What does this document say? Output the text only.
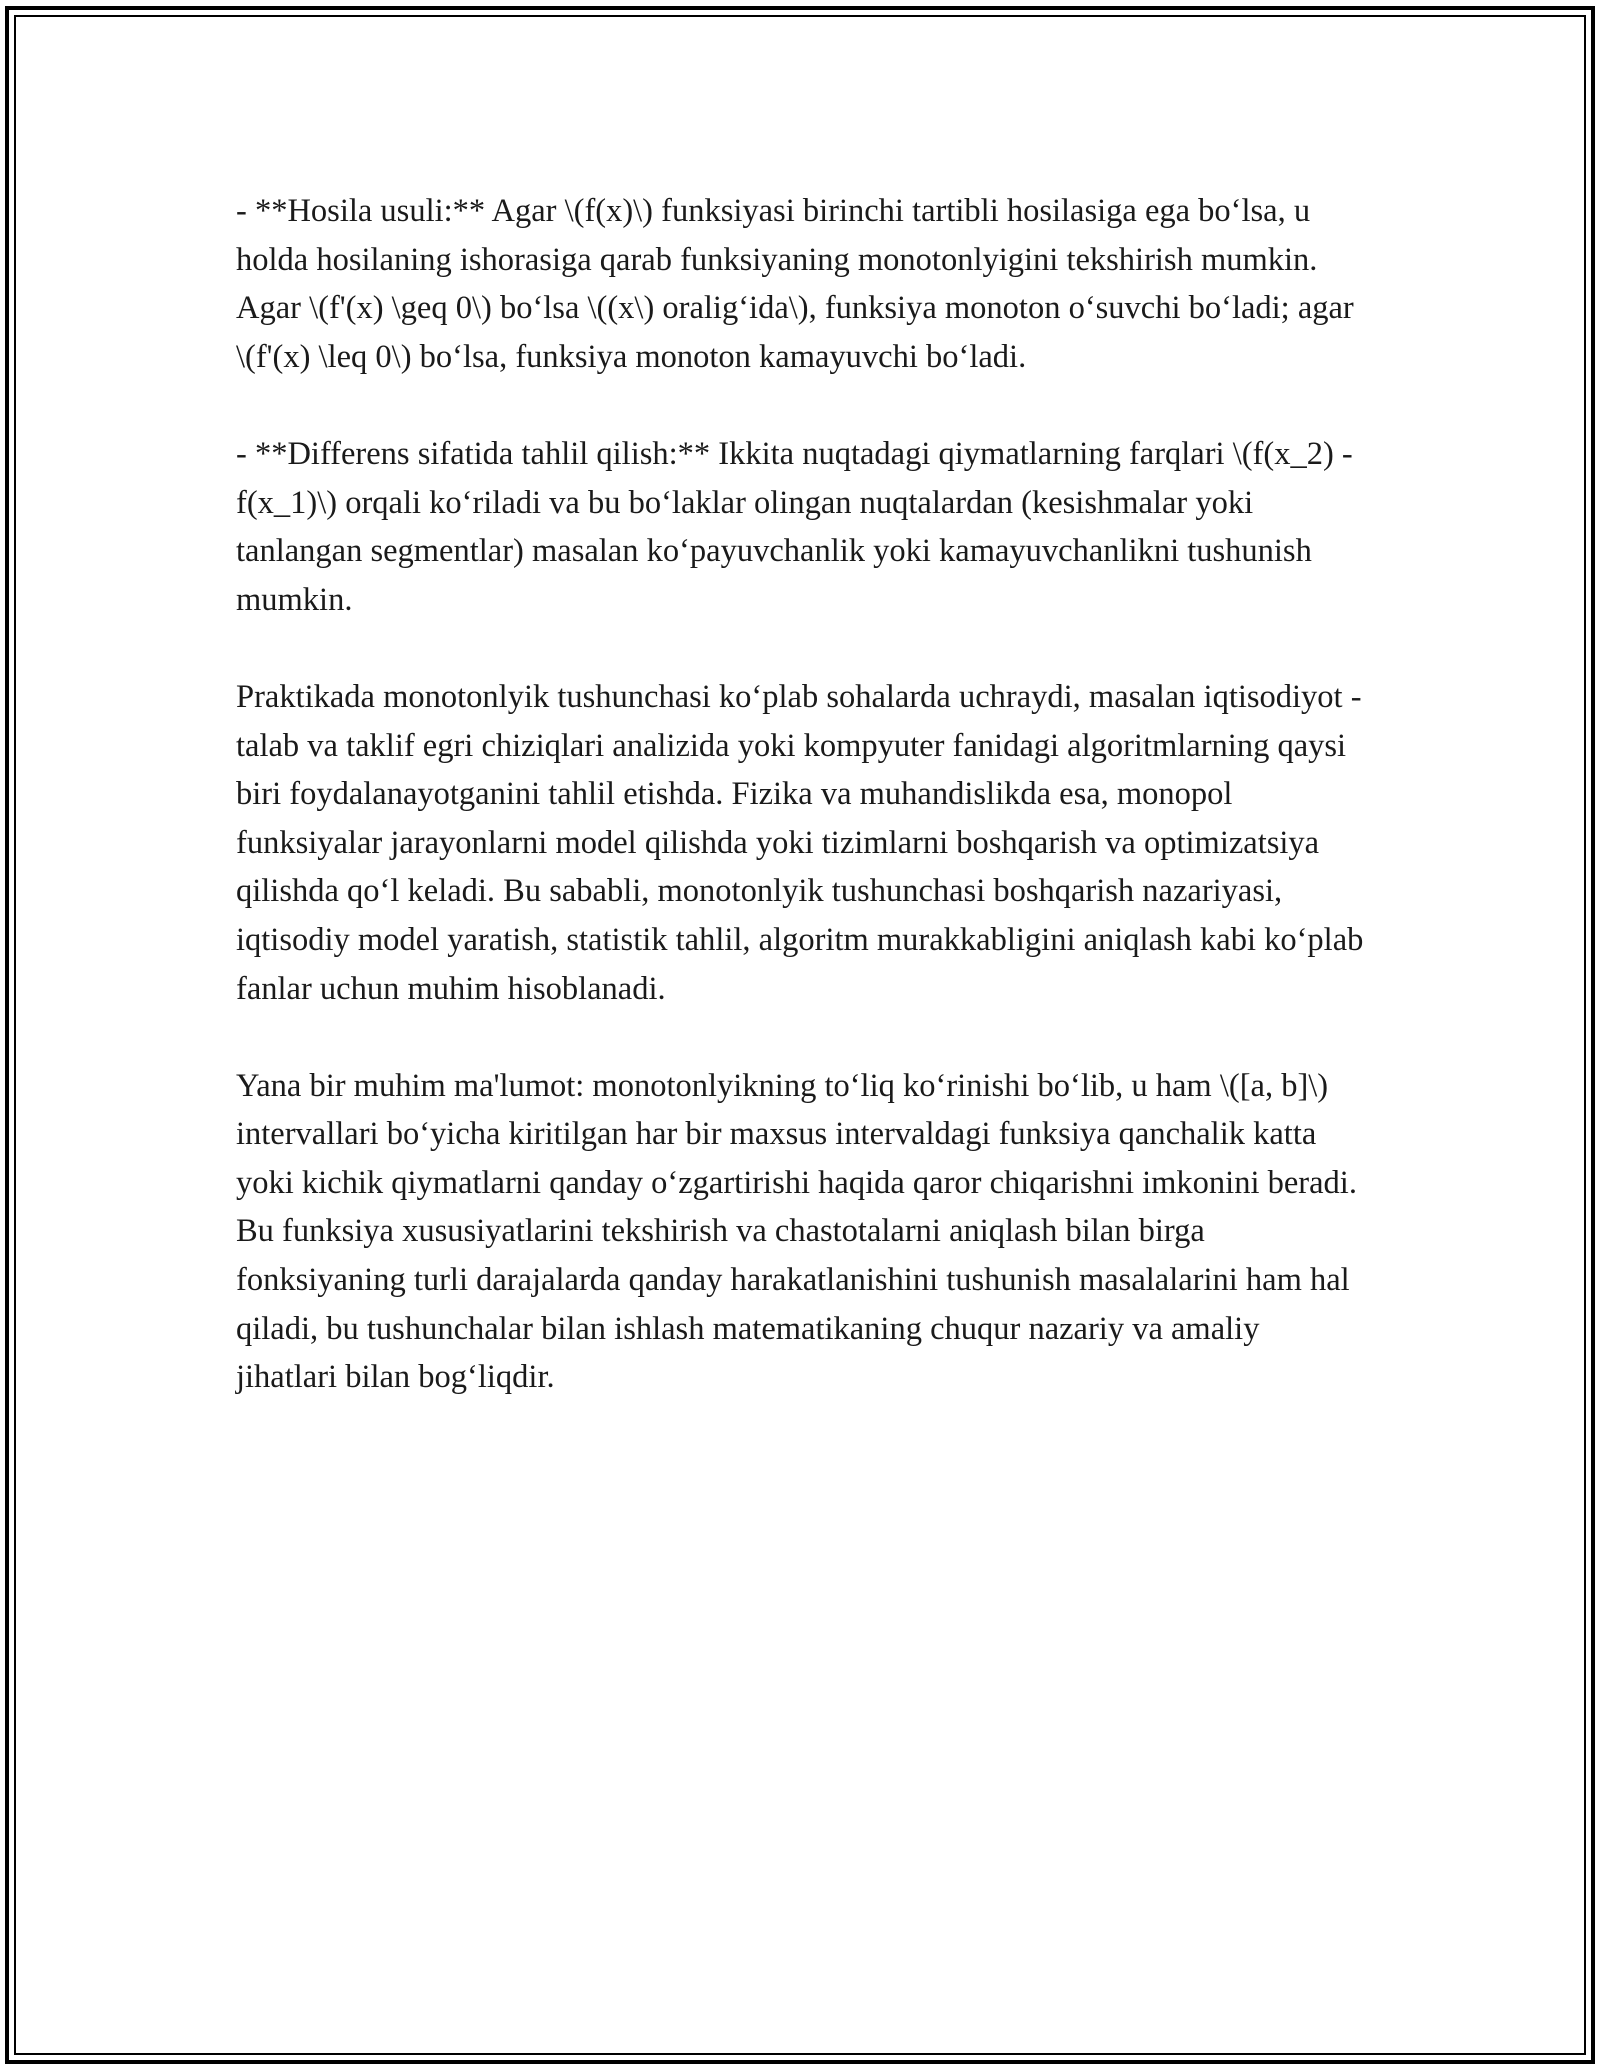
- **Hosila usuli:** Agar \(f(x)\) funksiyasi birinchi tartibli hosilasiga ega bo‘lsa, u holda hosilaning ishorasiga qarab funksiyaning monotonlyigini tekshirish mumkin. Agar \(f'(x) \geq 0\) bo‘lsa \((x\) oralig‘ida\), funksiya monoton o‘suvchi bo‘ladi; agar \(f'(x) \leq 0\) bo‘lsa, funksiya monoton kamayuvchi bo‘ladi.

- **Differens sifatida tahlil qilish:** Ikkita nuqtadagi qiymatlarning farqlari \(f(x_2) - f(x_1)\) orqali ko‘riladi va bu bo‘laklar olingan nuqtalardan (kesishmalar yoki tanlangan segmentlar) masalan ko‘payuvchanlik yoki kamayuvchanlikni tushunish mumkin.

Praktikada monotonlyik tushunchasi ko‘plab sohalarda uchraydi, masalan iqtisodiyot - talab va taklif egri chiziqlari analizida yoki kompyuter fanidagi algoritmlarning qaysi biri foydalanayotganini tahlil etishda. Fizika va muhandislikda esa, monopol funksiyalar jarayonlarni model qilishda yoki tizimlarni boshqarish va optimizatsiya qilishda qo‘l keladi. Bu sababli, monotonlyik tushunchasi boshqarish nazariyasi, iqtisodiy model yaratish, statistik tahlil, algoritm murakkabligini aniqlash kabi ko‘plab fanlar uchun muhim hisoblanadi.

Yana bir muhim ma'lumot: monotonlyikning to‘liq ko‘rinishi bo‘lib, u ham \([a, b]\) intervallari bo‘yicha kiritilgan har bir maxsus intervaldagi funksiya qanchalik katta yoki kichik qiymatlarni qanday o‘zgartirishi haqida qaror chiqarishni imkonini beradi. Bu funksiya xususiyatlarini tekshirish va chastotalarni aniqlash bilan birga fonksiyaning turli darajalarda qanday harakatlanishini tushunish masalalarini ham hal qiladi, bu tushunchalar bilan ishlash matematikaning chuqur nazariy va amaliy jihatlari bilan bog‘liqdir.
